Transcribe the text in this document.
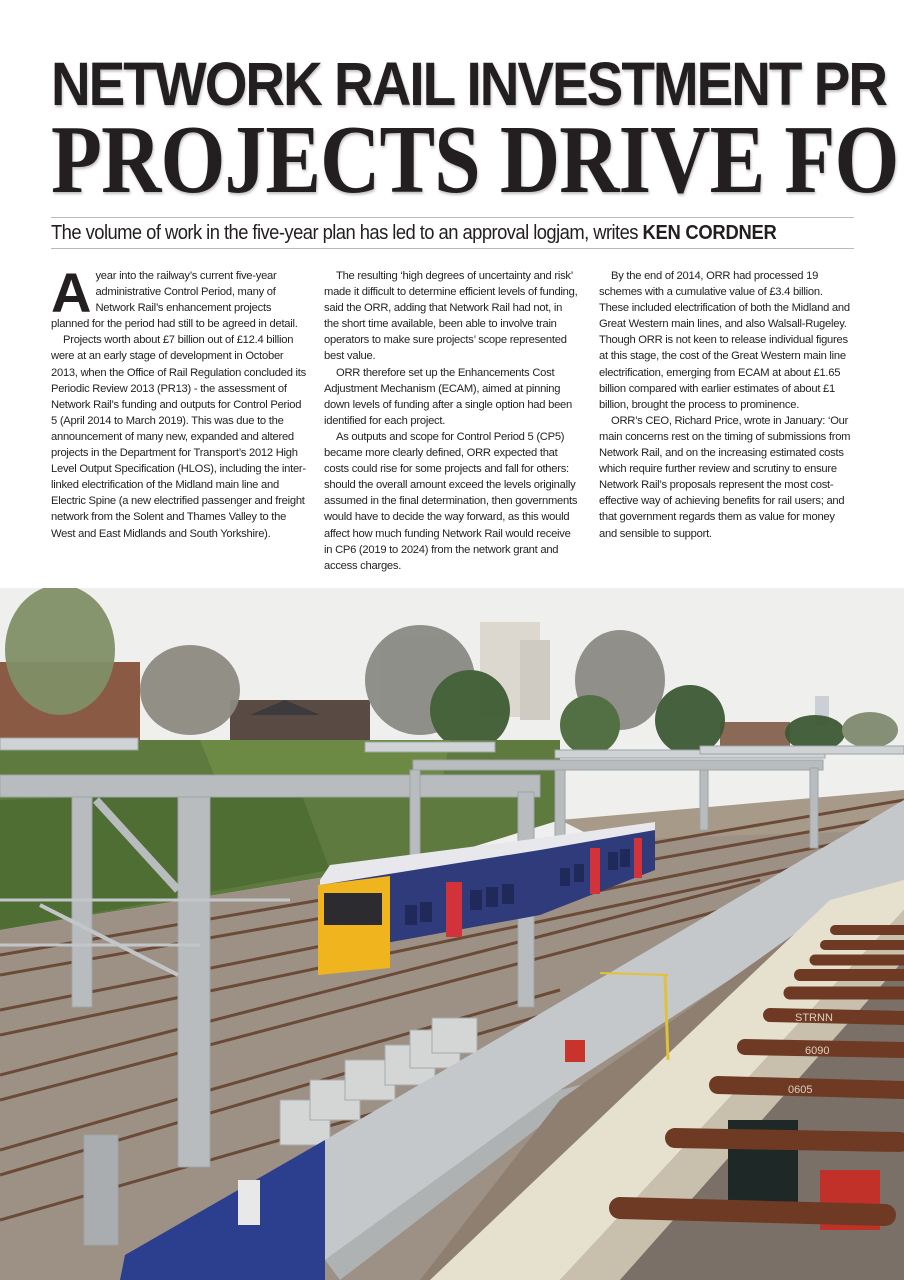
NETWORK RAIL INVESTMENT PR
PROJECTS DRIVE FO
The volume of work in the five-year plan has led to an approval logjam, writes KEN CORDNER

Ayear into the railway’s current five-year administrative Control Period, many of Network Rail’s enhancement projects planned for the period had still to be agreed in detail.

Projects worth about £7 billion out of £12.4 billion were at an early stage of development in October 2013, when the Office of Rail Regulation concluded its Periodic Review 2013 (PR13) - the assessment of Network Rail’s funding and outputs for Control Period 5 (April 2014 to March 2019). This was due to the announcement of many new, expanded and altered projects in the Department for Transport’s 2012 High Level Output Specification (HLOS), including the inter-linked electrification of the Midland main line and Electric Spine (a new electrified passenger and freight network from the Solent and Thames Valley to the West and East Midlands and South Yorkshire).

The resulting ‘high degrees of uncertainty and risk’ made it difficult to determine efficient levels of funding, said the ORR, adding that Network Rail had not, in the short time available, been able to involve train operators to make sure projects’ scope represented best value.

ORR therefore set up the Enhancements Cost Adjustment Mechanism (ECAM), aimed at pinning down levels of funding after a single option had been identified for each project.

As outputs and scope for Control Period 5 (CP5) became more clearly defined, ORR expected that costs could rise for some projects and fall for others: should the overall amount exceed the levels originally assumed in the final determination, then governments would have to decide the way forward, as this would affect how much funding Network Rail would receive in CP6 (2019 to 2024) from the network grant and access charges.

By the end of 2014, ORR had processed 19 schemes with a cumulative value of £3.4 billion. These included electrification of both the Midland and Great Western main lines, and also Walsall-Rugeley. Though ORR is not keen to release individual figures at this stage, the cost of the Great Western main line electrification, emerging from ECAM at about £1.65 billion compared with earlier estimates of about £1 billion, brought the process to prominence.

ORR’s CEO, Richard Price, wrote in January: ‘Our main concerns rest on the timing of submissions from Network Rail, and on the increasing estimated costs which require further review and scrutiny to ensure Network Rail’s proposals represent the most cost-effective way of achieving benefits for rail users; and that government regards them as value for money and sensible to support.

STRNN
6090
0605
